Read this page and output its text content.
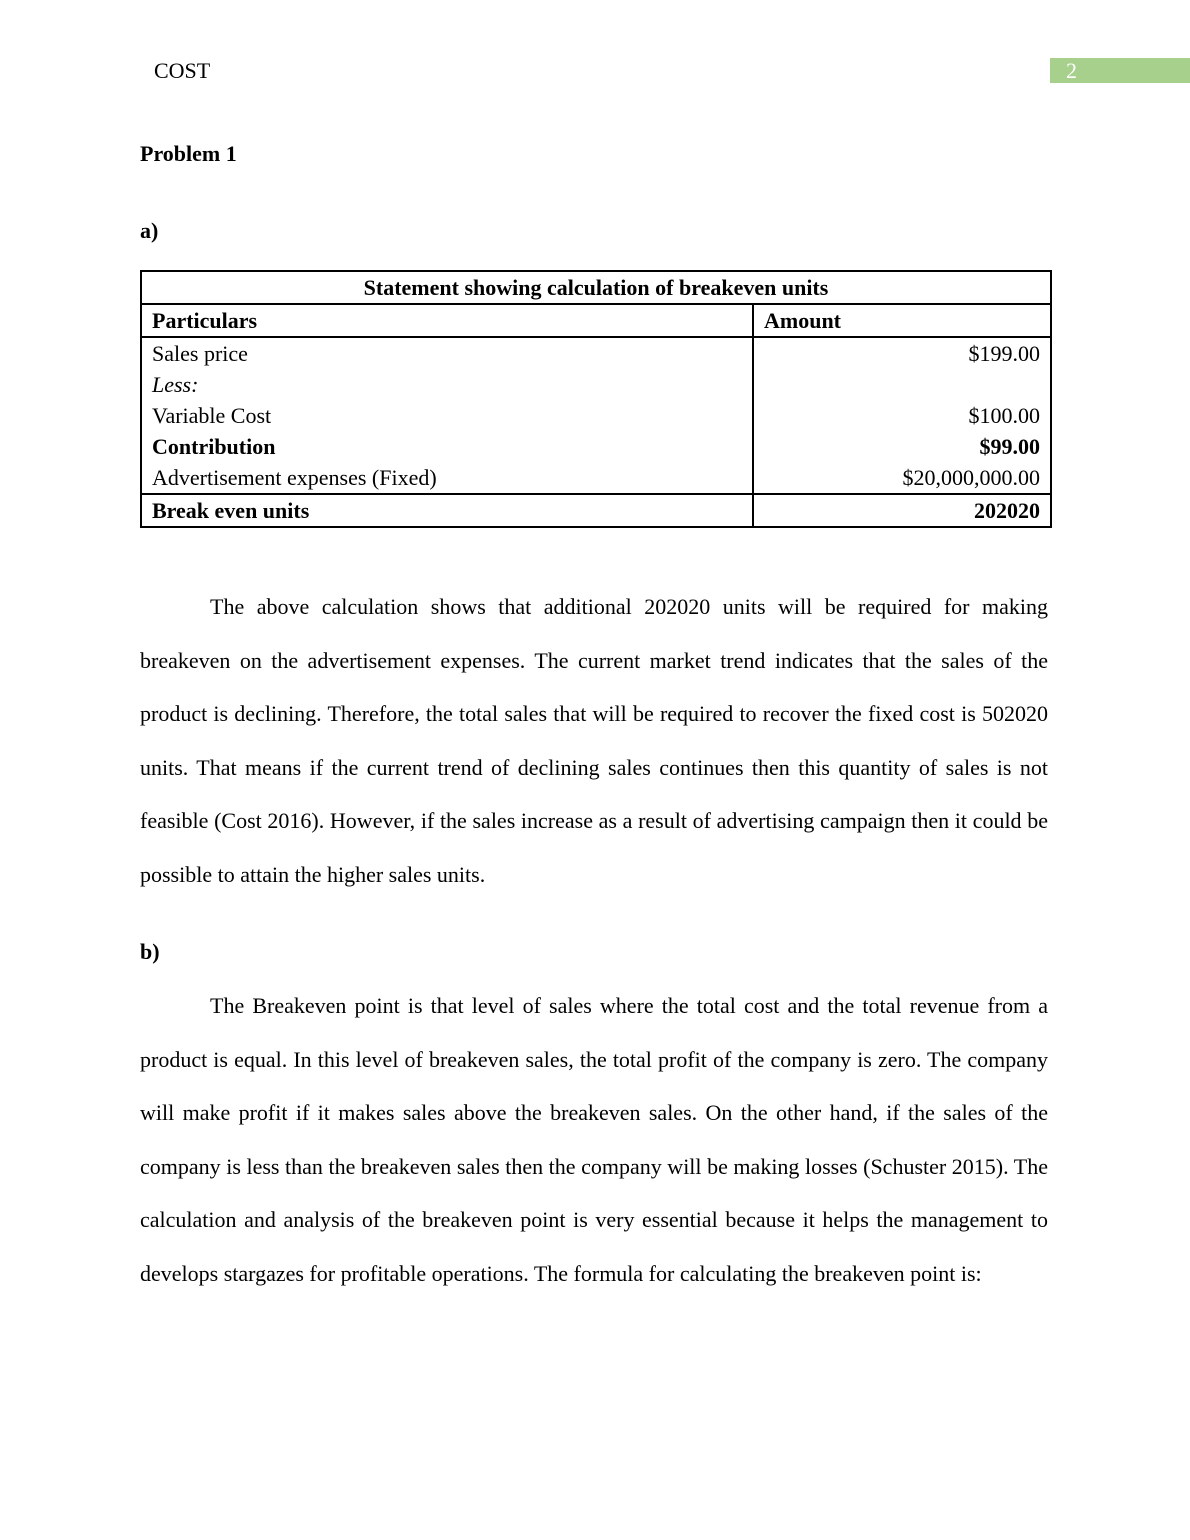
COST	2
Problem 1
a)
Statement showing calculation of breakeven units	
Particulars	Amount
Sales price	$199.00
Less:	
Variable Cost	$100.00
Contribution	$99.00
Advertisement expenses (Fixed)	$20,000,000.00
Break even units	202020

The above calculation shows that additional 202020 units will be required for making breakeven on the advertisement expenses. The current market trend indicates that the sales of the product is declining. Therefore, the total sales that will be required to recover the fixed cost is 502020 units. That means if the current trend of declining sales continues then this quantity of sales is not feasible (Cost 2016). However, if the sales increase as a result of advertising campaign then it could be possible to attain the higher sales units.

b)

The Breakeven point is that level of sales where the total cost and the total revenue from a product is equal. In this level of breakeven sales, the total profit of the company is zero. The company will make profit if it makes sales above the breakeven sales. On the other hand, if the sales of the company is less than the breakeven sales then the company will be making losses (Schuster 2015). The calculation and analysis of the breakeven point is very essential because it helps the management to develops stargazes for profitable operations. The formula for calculating the breakeven point is:
